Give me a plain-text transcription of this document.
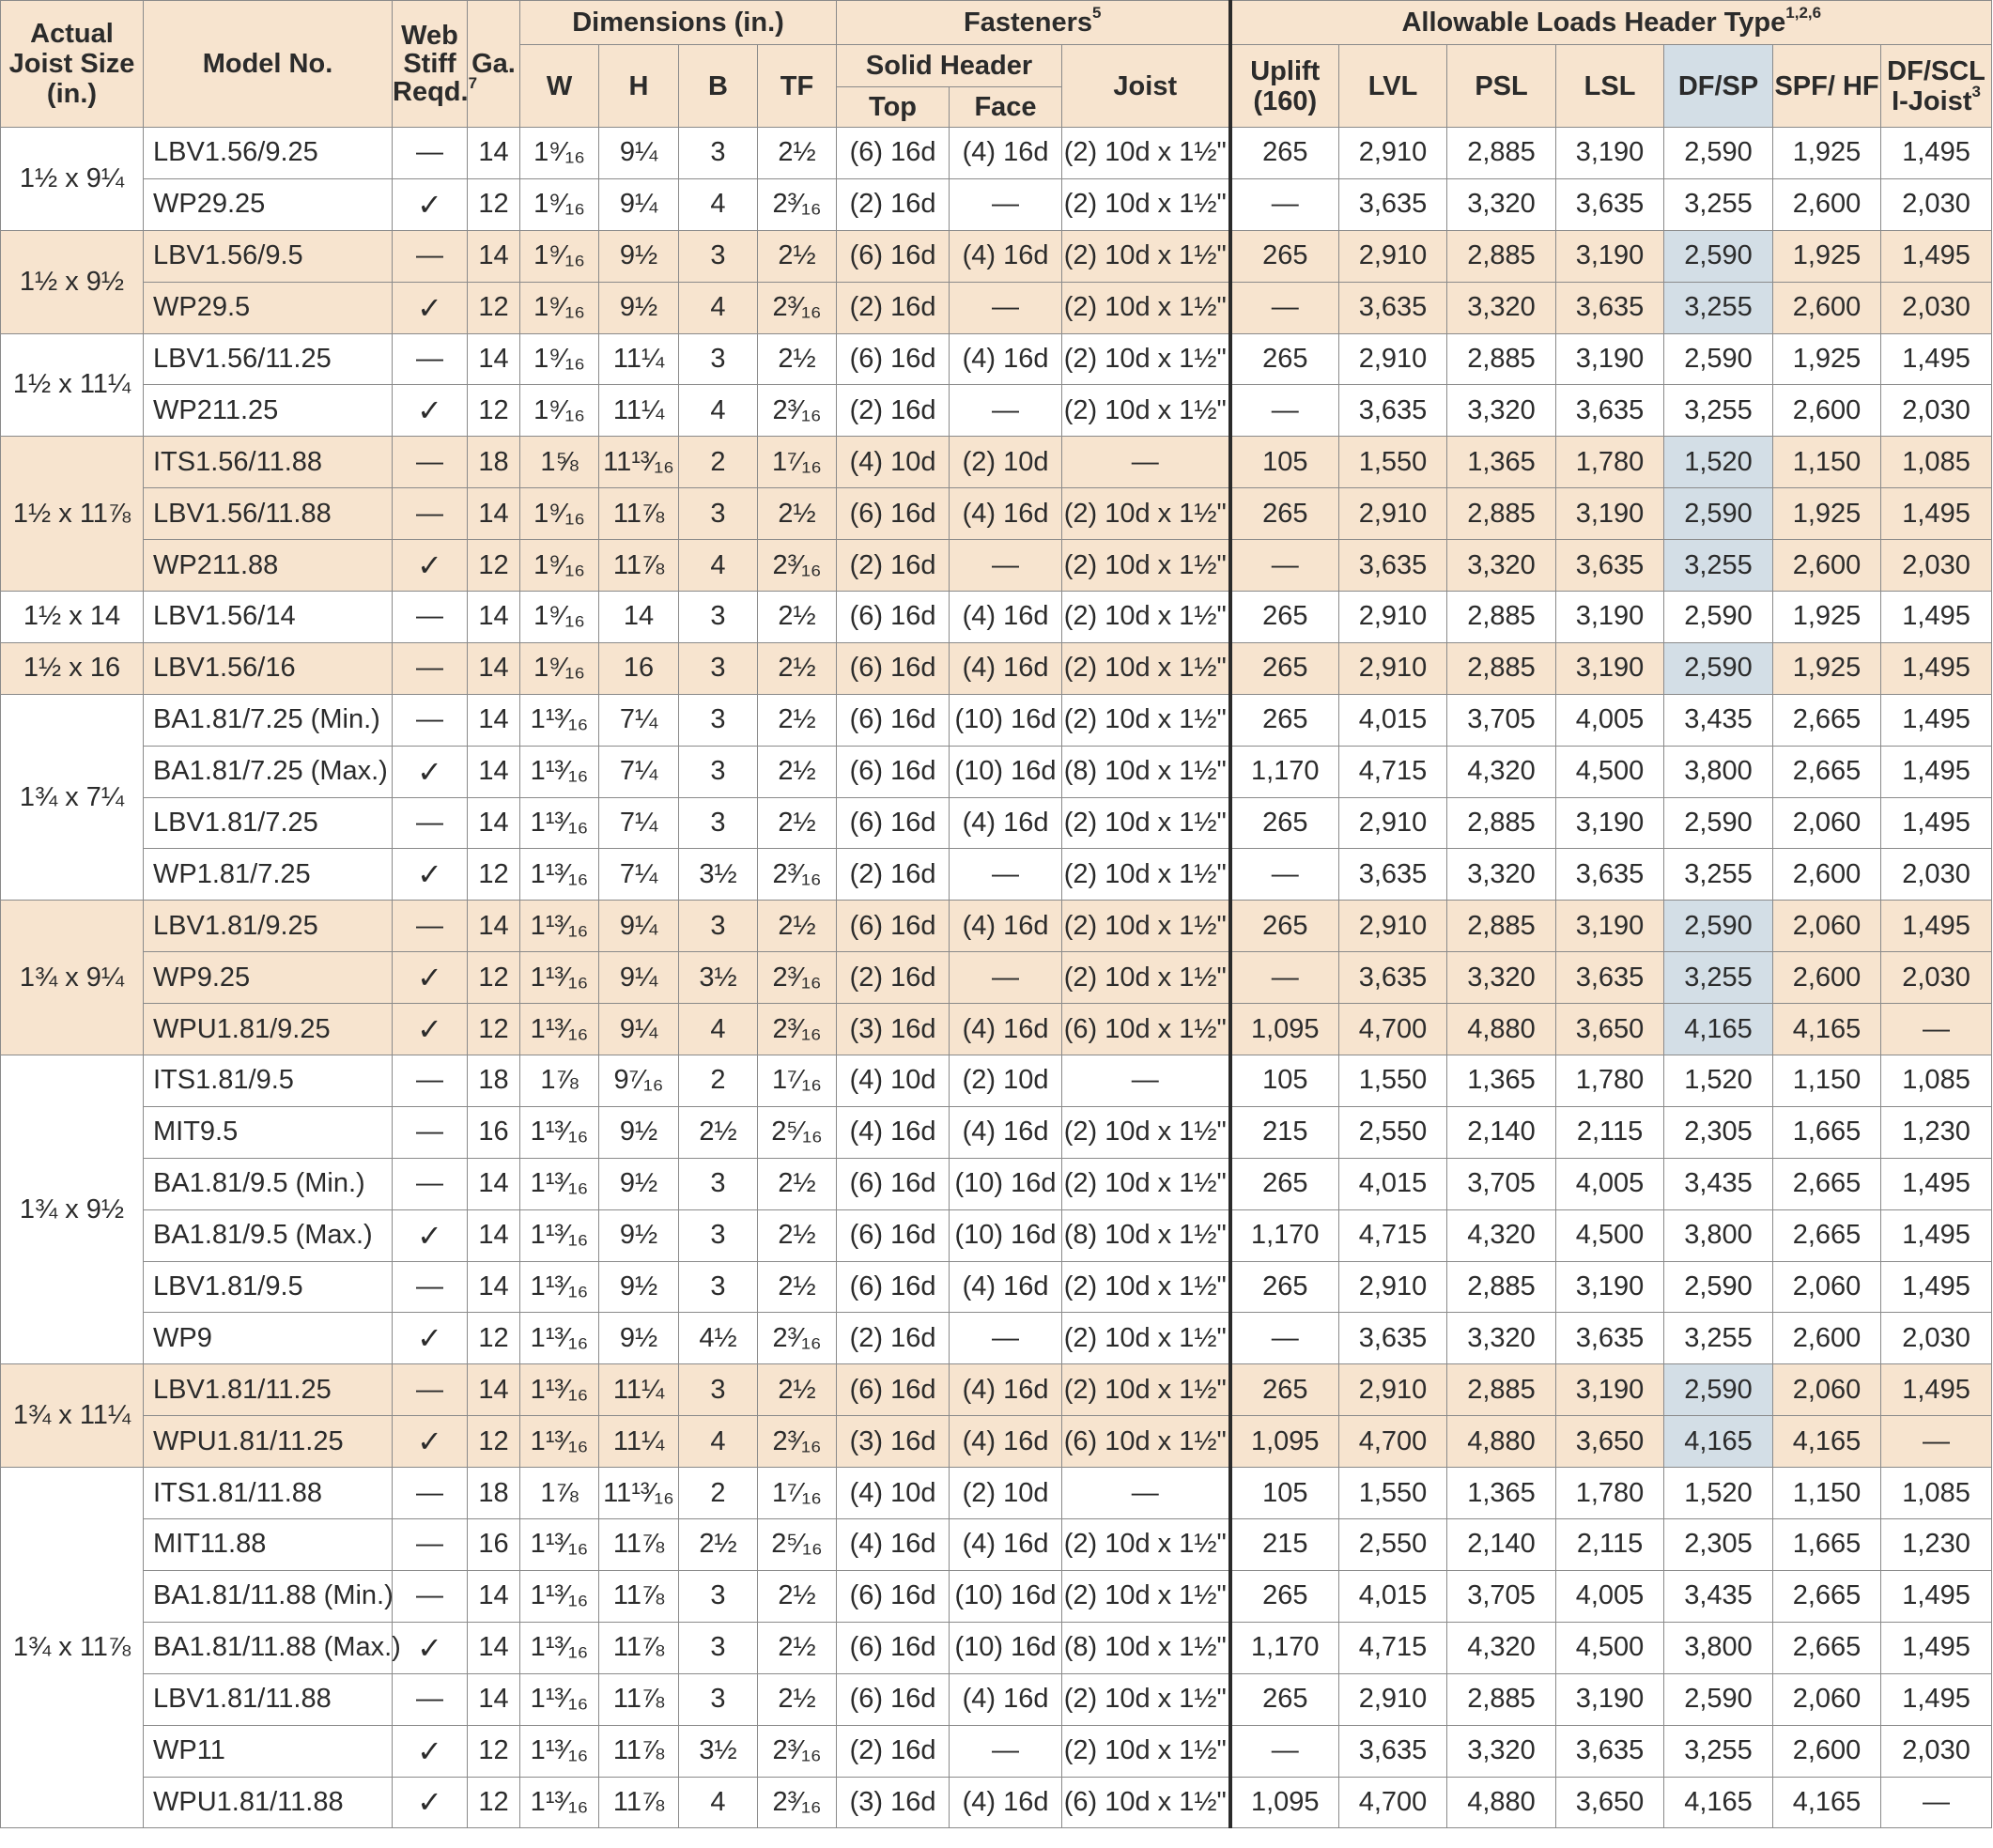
Actual Joist Size (in.)	Model No.	Web Stiff Reqd.$^7$	Ga.	Dimensions (in.)				Fasteners$^5$			Allowable Loads Header Type$^{1,2,6}$
				W	H	B	TF	Solid Header		Joist	Uplift (160)	LVL	PSL	LSL	DF/SP	SPF/ HF	DF/SCL I-Joist$^3$
								Top	Face								
1½ x 9¼	LBV1.56/9.25	—	14	1⁹⁄₁₆	9¼	3	2½	(6) 16d	(4) 16d	(2) 10d x 1½"	265	2,910	2,885	3,190	2,590	1,925	1,495
	WP29.25	✓	12	1⁹⁄₁₆	9¼	4	2³⁄₁₆	(2) 16d	—	(2) 10d x 1½"	—	3,635	3,320	3,635	3,255	2,600	2,030
1½ x 9½	LBV1.56/9.5	—	14	1⁹⁄₁₆	9½	3	2½	(6) 16d	(4) 16d	(2) 10d x 1½"	265	2,910	2,885	3,190	2,590	1,925	1,495
	WP29.5	✓	12	1⁹⁄₁₆	9½	4	2³⁄₁₆	(2) 16d	—	(2) 10d x 1½"	—	3,635	3,320	3,635	3,255	2,600	2,030
1½ x 11¼	LBV1.56/11.25	—	14	1⁹⁄₁₆	11¼	3	2½	(6) 16d	(4) 16d	(2) 10d x 1½"	265	2,910	2,885	3,190	2,590	1,925	1,495
	WP211.25	✓	12	1⁹⁄₁₆	11¼	4	2³⁄₁₆	(2) 16d	—	(2) 10d x 1½"	—	3,635	3,320	3,635	3,255	2,600	2,030
1½ x 11⅞	ITS1.56/11.88	—	18	1⅝	11¹³⁄₁₆	2	1⁷⁄₁₆	(4) 10d	(2) 10d	—	105	1,550	1,365	1,780	1,520	1,150	1,085
	LBV1.56/11.88	—	14	1⁹⁄₁₆	11⅞	3	2½	(6) 16d	(4) 16d	(2) 10d x 1½"	265	2,910	2,885	3,190	2,590	1,925	1,495
	WP211.88	✓	12	1⁹⁄₁₆	11⅞	4	2³⁄₁₆	(2) 16d	—	(2) 10d x 1½"	—	3,635	3,320	3,635	3,255	2,600	2,030
1½ x 14	LBV1.56/14	—	14	1⁹⁄₁₆	14	3	2½	(6) 16d	(4) 16d	(2) 10d x 1½"	265	2,910	2,885	3,190	2,590	1,925	1,495
1½ x 16	LBV1.56/16	—	14	1⁹⁄₁₆	16	3	2½	(6) 16d	(4) 16d	(2) 10d x 1½"	265	2,910	2,885	3,190	2,590	1,925	1,495
1¾ x 7¼	BA1.81/7.25 (Min.)	—	14	1¹³⁄₁₆	7¼	3	2½	(6) 16d	(10) 16d	(2) 10d x 1½"	265	4,015	3,705	4,005	3,435	2,665	1,495
	BA1.81/7.25 (Max.)	✓	14	1¹³⁄₁₆	7¼	3	2½	(6) 16d	(10) 16d	(8) 10d x 1½"	1,170	4,715	4,320	4,500	3,800	2,665	1,495
	LBV1.81/7.25	—	14	1¹³⁄₁₆	7¼	3	2½	(6) 16d	(4) 16d	(2) 10d x 1½"	265	2,910	2,885	3,190	2,590	2,060	1,495
	WP1.81/7.25	✓	12	1¹³⁄₁₆	7¼	3½	2³⁄₁₆	(2) 16d	—	(2) 10d x 1½"	—	3,635	3,320	3,635	3,255	2,600	2,030
1¾ x 9¼	LBV1.81/9.25	—	14	1¹³⁄₁₆	9¼	3	2½	(6) 16d	(4) 16d	(2) 10d x 1½"	265	2,910	2,885	3,190	2,590	2,060	1,495
	WP9.25	✓	12	1¹³⁄₁₆	9¼	3½	2³⁄₁₆	(2) 16d	—	(2) 10d x 1½"	—	3,635	3,320	3,635	3,255	2,600	2,030
	WPU1.81/9.25	✓	12	1¹³⁄₁₆	9¼	4	2³⁄₁₆	(3) 16d	(4) 16d	(6) 10d x 1½"	1,095	4,700	4,880	3,650	4,165	4,165	—
1¾ x 9½	ITS1.81/9.5	—	18	1⅞	9⁷⁄₁₆	2	1⁷⁄₁₆	(4) 10d	(2) 10d	—	105	1,550	1,365	1,780	1,520	1,150	1,085
	MIT9.5	—	16	1¹³⁄₁₆	9½	2½	2⁵⁄₁₆	(4) 16d	(4) 16d	(2) 10d x 1½"	215	2,550	2,140	2,115	2,305	1,665	1,230
	BA1.81/9.5 (Min.)	—	14	1¹³⁄₁₆	9½	3	2½	(6) 16d	(10) 16d	(2) 10d x 1½"	265	4,015	3,705	4,005	3,435	2,665	1,495
	BA1.81/9.5 (Max.)	✓	14	1¹³⁄₁₆	9½	3	2½	(6) 16d	(10) 16d	(8) 10d x 1½"	1,170	4,715	4,320	4,500	3,800	2,665	1,495
	LBV1.81/9.5	—	14	1¹³⁄₁₆	9½	3	2½	(6) 16d	(4) 16d	(2) 10d x 1½"	265	2,910	2,885	3,190	2,590	2,060	1,495
	WP9	✓	12	1¹³⁄₁₆	9½	4½	2³⁄₁₆	(2) 16d	—	(2) 10d x 1½"	—	3,635	3,320	3,635	3,255	2,600	2,030
1¾ x 11¼	LBV1.81/11.25	—	14	1¹³⁄₁₆	11¼	3	2½	(6) 16d	(4) 16d	(2) 10d x 1½"	265	2,910	2,885	3,190	2,590	2,060	1,495
	WPU1.81/11.25	✓	12	1¹³⁄₁₆	11¼	4	2³⁄₁₆	(3) 16d	(4) 16d	(6) 10d x 1½"	1,095	4,700	4,880	3,650	4,165	4,165	—
1¾ x 11⅞	ITS1.81/11.88	—	18	1⅞	11¹³⁄₁₆	2	1⁷⁄₁₆	(4) 10d	(2) 10d	—	105	1,550	1,365	1,780	1,520	1,150	1,085
	MIT11.88	—	16	1¹³⁄₁₆	11⅞	2½	2⁵⁄₁₆	(4) 16d	(4) 16d	(2) 10d x 1½"	215	2,550	2,140	2,115	2,305	1,665	1,230
	BA1.81/11.88 (Min.)	—	14	1¹³⁄₁₆	11⅞	3	2½	(6) 16d	(10) 16d	(2) 10d x 1½"	265	4,015	3,705	4,005	3,435	2,665	1,495
	BA1.81/11.88 (Max.)	✓	14	1¹³⁄₁₆	11⅞	3	2½	(6) 16d	(10) 16d	(8) 10d x 1½"	1,170	4,715	4,320	4,500	3,800	2,665	1,495
	LBV1.81/11.88	—	14	1¹³⁄₁₆	11⅞	3	2½	(6) 16d	(4) 16d	(2) 10d x 1½"	265	2,910	2,885	3,190	2,590	2,060	1,495
	WP11	✓	12	1¹³⁄₁₆	11⅞	3½	2³⁄₁₆	(2) 16d	—	(2) 10d x 1½"	—	3,635	3,320	3,635	3,255	2,600	2,030
	WPU1.81/11.88	✓	12	1¹³⁄₁₆	11⅞	4	2³⁄₁₆	(3) 16d	(4) 16d	(6) 10d x 1½"	1,095	4,700	4,880	3,650	4,165	4,165	—
